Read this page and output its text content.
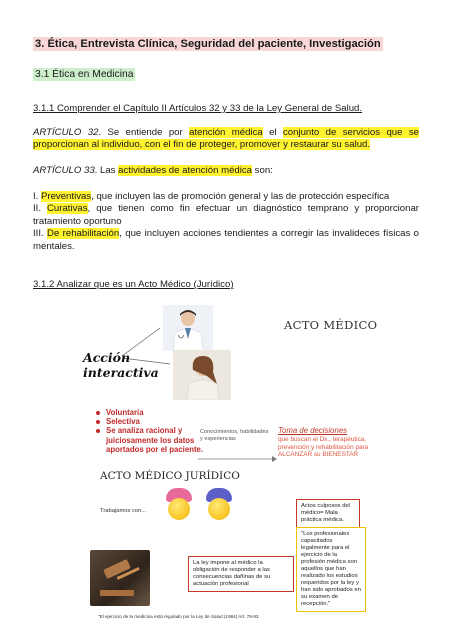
3. Ética, Entrevista Clínica, Seguridad del paciente, Investigación
3.1 Ética en Medicina
3.1.1 Comprender el Capítulo II Artículos 32 y 33 de la Ley General de Salud.
ARTÍCULO 32. Se entiende por atención médica el conjunto de servicios que se proporcionan al individuo, con el fin de proteger, promover y restaurar su salud.
ARTÍCULO 33. Las actividades de atención médica son:
I. Preventivas, que incluyen las de promoción general y las de protección específica
II. Curativas, que tienen como fin efectuar un diagnóstico temprano y proporcionar tratamiento oportuno
III. De rehabilitación, que incluyen acciones tendientes a corregir las invalideces físicas o mentales.
3.1.2 Analizar que es un Acto Médico (Jurídico)
ACTO MÉDICO
Acción
interactiva
Voluntaria
Selectiva
Se analiza racional y juiciosamente los datos aportados por el paciente.
Conocimientos, habilidades y experiencias
Toma de decisiones
que buscan el Dx., terapéutica, prevención y rehabilitación para ALCANZAR su BIENESTAR
ACTO MÉDICO JURÍDICO
Trabajamos con...
Actos culposos del médico= Mala práctica médica.
"Los profesionales capacitados legalmente para el ejercicio de la profesión médica son aquellos que han realizado los estudios requeridos por la ley y han sido aprobados en su examen de recepción."
La ley impone al médico la obligación de responder a las consecuencias dañinas de su actuación profesional
"El ejercicio de la medicina está regulado por la Ley de Salud (1984) Art. 79-83
